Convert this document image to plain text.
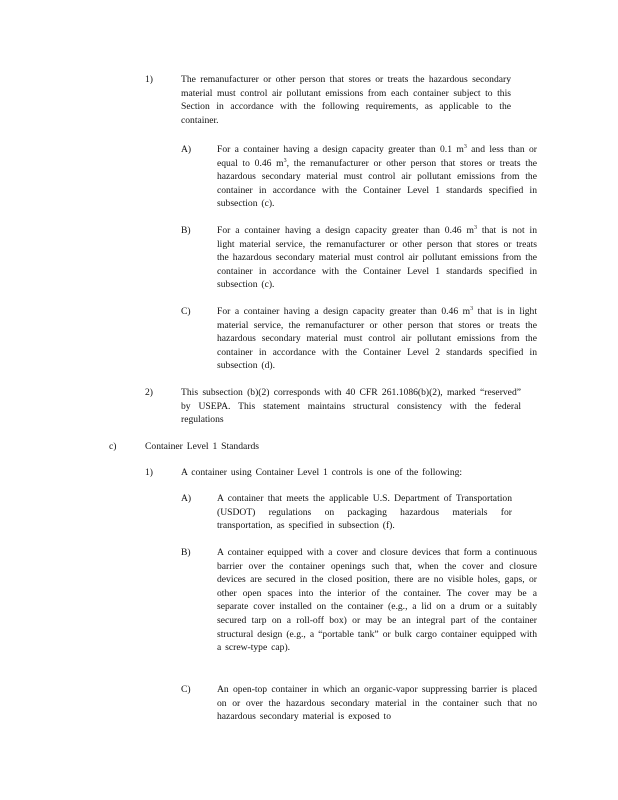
1)	The remanufacturer or other person that stores or treats the hazardous secondary material must control air pollutant emissions from each container subject to this Section in accordance with the following requirements, as applicable to the container.
A)	For a container having a design capacity greater than 0.1 $m^3$ and less than or equal to 0.46 $m^3$, the remanufacturer or other person that stores or treats the hazardous secondary material must control air pollutant emissions from the container in accordance with the Container Level 1 standards specified in subsection (c).
B)	For a container having a design capacity greater than 0.46 $m^3$ that is not in light material service, the remanufacturer or other person that stores or treats the hazardous secondary material must control air pollutant emissions from the container in accordance with the Container Level 1 standards specified in subsection (c).
C)	For a container having a design capacity greater than 0.46 $m^3$ that is in light material service, the remanufacturer or other person that stores or treats the hazardous secondary material must control air pollutant emissions from the container in accordance with the Container Level 2 standards specified in subsection (d).
2)	This subsection (b)(2) corresponds with 40 CFR 261.1086(b)(2), marked “reserved” by USEPA. This statement maintains structural consistency with the federal regulations
c)	Container Level 1 Standards
1)	A container using Container Level 1 controls is one of the following:
A)	A container that meets the applicable U.S. Department of Transportation (USDOT) regulations on packaging hazardous materials for transportation, as specified in subsection (f).
B)	A container equipped with a cover and closure devices that form a continuous barrier over the container openings such that, when the cover and closure devices are secured in the closed position, there are no visible holes, gaps, or other open spaces into the interior of the container. The cover may be a separate cover installed on the container (e.g., a lid on a drum or a suitably secured tarp on a roll-off box) or may be an integral part of the container structural design (e.g., a “portable tank” or bulk cargo container equipped with a screw-type cap).
C)	An open-top container in which an organic-vapor suppressing barrier is placed on or over the hazardous secondary material in the container such that no hazardous secondary material is exposed to
